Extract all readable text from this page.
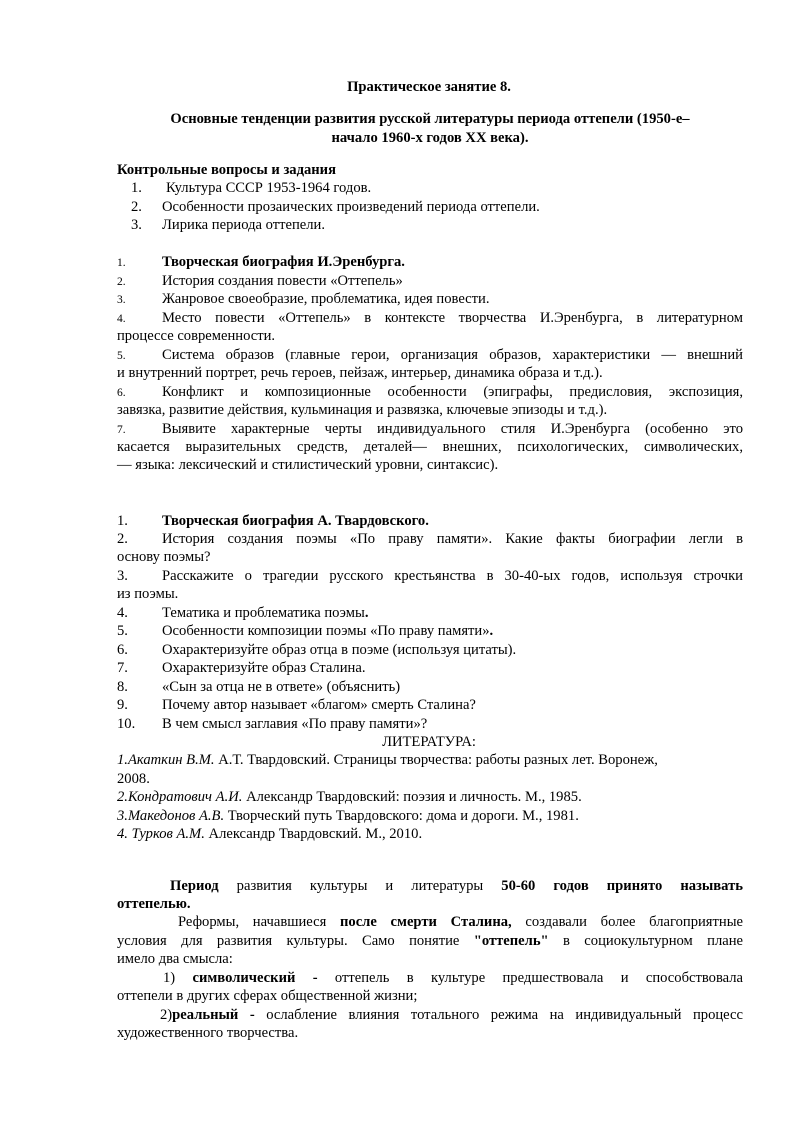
Практическое занятие 8.
Основные тенденции развития русской литературы периода оттепели (1950-е–
начало 1960-х годов XX века).
Контрольные вопросы и задания
1. Культура СССР 1953-1964 годов.
2. Особенности прозаических произведений периода оттепели.
3. Лирика периода оттепели.
1. Творческая биография И.Эренбурга.
2. История создания повести «Оттепель»
3. Жанровое своеобразие, проблематика, идея повести.
4. Место повести «Оттепель» в контексте творчества И.Эренбурга, в литературном
процессе современности.
5. Система образов (главные герои, организация образов, характеристики — внешний
и внутренний портрет, речь героев, пейзаж, интерьер, динамика образа и т.д.).
6. Конфликт и композиционные особенности (эпиграфы, предисловия, экспозиция,
завязка, развитие действия, кульминация и развязка, ключевые эпизоды и т.д.).
7. Выявите характерные черты индивидуального стиля И.Эренбурга (особенно это
касается выразительных средств, деталей— внешних, психологических, символических,
— языка: лексический и стилистический уровни, синтаксис).
1. Творческая биография А. Твардовского.
2. История создания поэмы «По праву памяти». Какие факты биографии легли в
основу поэмы?
3. Расскажите о трагедии русского крестьянства в 30-40-ых годов, используя строчки
из поэмы.
4. Тематика и проблематика поэмы.
5. Особенности композиции поэмы «По праву памяти».
6. Охарактеризуйте образ отца в поэме (используя цитаты).
7. Охарактеризуйте образ Сталина.
8. «Сын за отца не в ответе» (объяснить)
9. Почему автор называет «благом» смерть Сталина?
10. В чем смысл заглавия «По праву памяти»?
ЛИТЕРАТУРА:
1.Акаткин В.М. А.Т. Твардовский. Страницы творчества: работы разных лет. Воронеж,
2008.
2.Кондратович А.И. Александр Твардовский: поэзия и личность. М., 1985.
3.Македонов А.В. Творческий путь Твардовского: дома и дороги. М., 1981.
4. Турков А.М. Александр Твардовский. М., 2010.
Период развития культуры и литературы 50-60 годов принято называть
оттепелью.
Реформы, начавшиеся после смерти Сталина, создавали более благоприятные
условия для развития культуры. Само понятие "оттепель" в социокультурном плане
имело два смысла:
1) символический - оттепель в культуре предшествовала и способствовала
оттепели в других сферах общественной жизни;
2)реальный - ослабление влияния тотального режима на индивидуальный процесс
художественного творчества.
